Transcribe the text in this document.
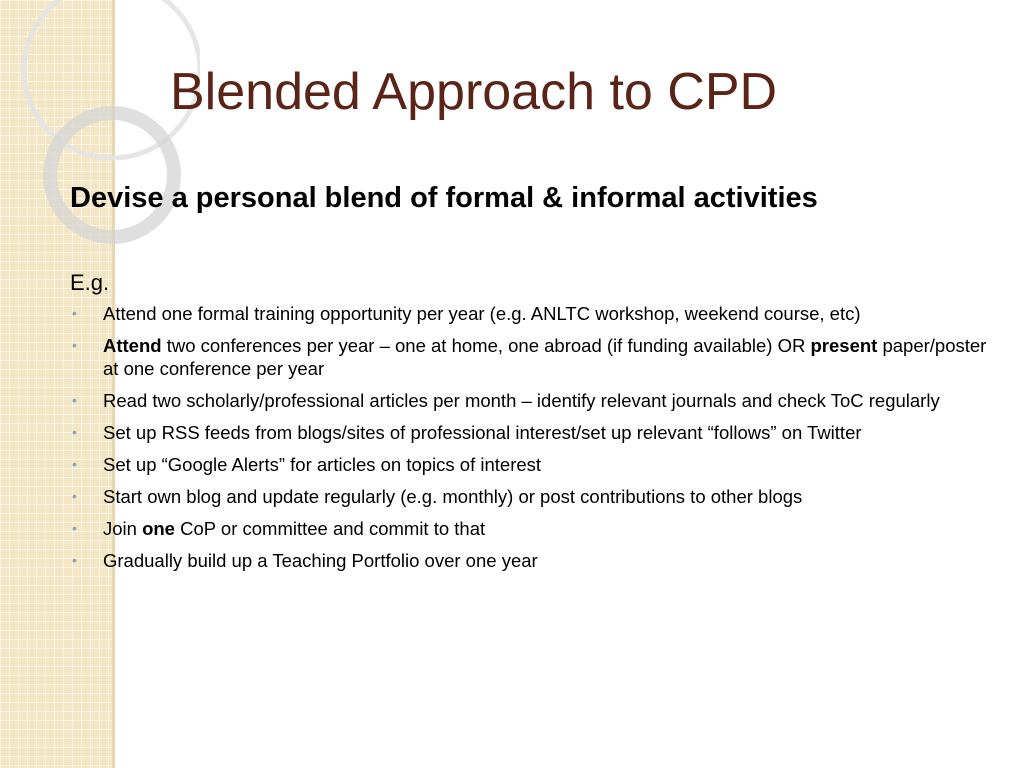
Blended Approach to CPD

Devise a personal blend of formal & informal activities

E.g.

• Attend one formal training opportunity per year (e.g. ANLTC workshop, weekend course, etc)
• Attend two conferences per year – one at home, one abroad (if funding available) OR present paper/poster at one conference per year
• Read two scholarly/professional articles per month – identify relevant journals and check ToC regularly
• Set up RSS feeds from blogs/sites of professional interest/set up relevant “follows” on Twitter
• Set up “Google Alerts” for articles on topics of interest
• Start own blog and update regularly (e.g. monthly) or post contributions to other blogs
• Join one CoP or committee and commit to that
• Gradually build up a Teaching Portfolio over one year
